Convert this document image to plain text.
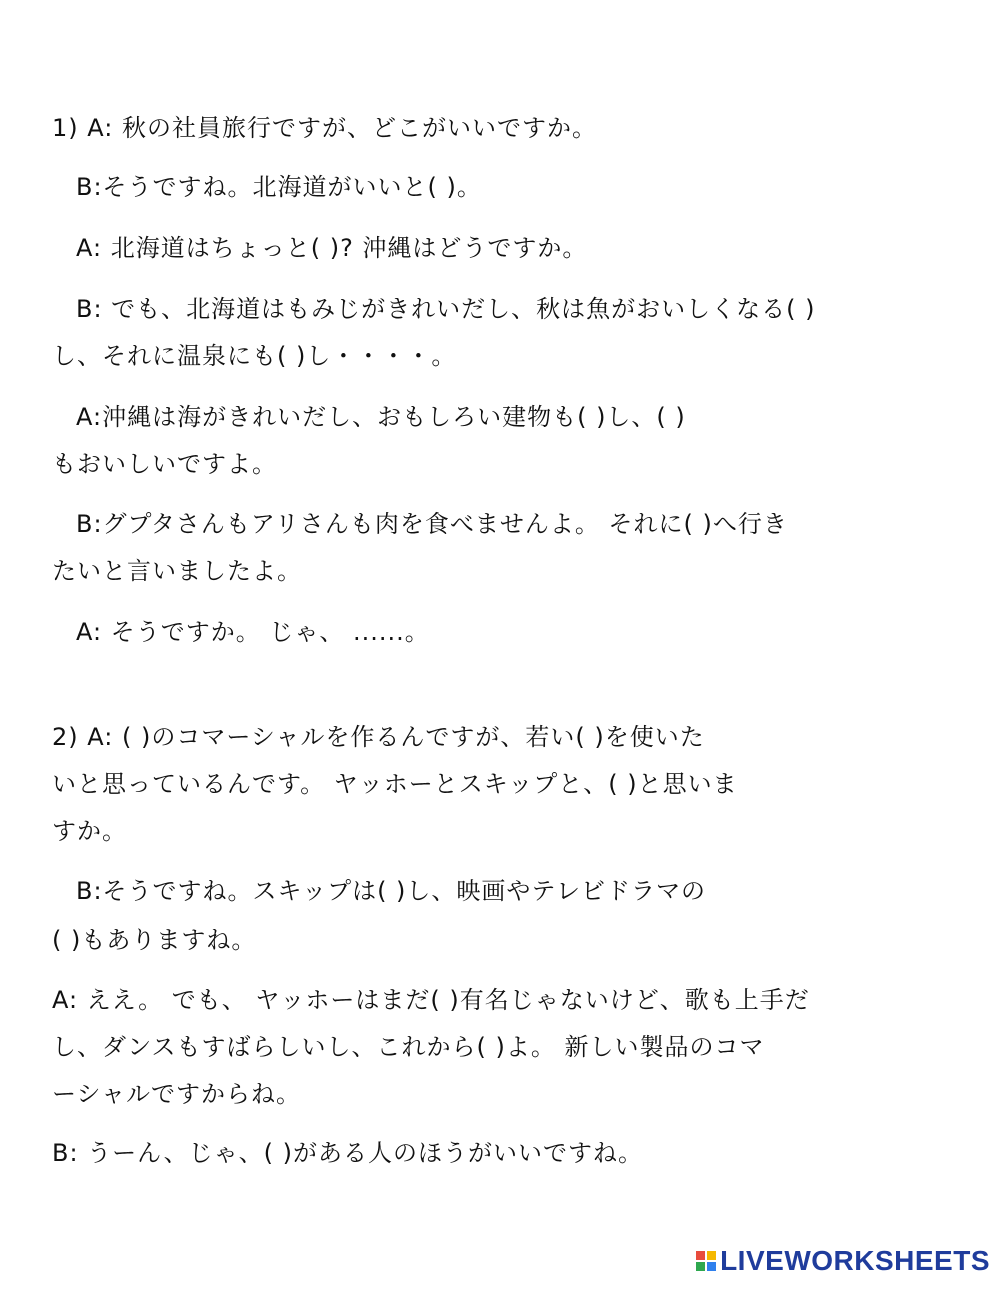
1) A: 秋の社員旅行ですが、どこがいいですか。
B:そうですね。北海道がいいと( )。
A: 北海道はちょっと( )? 沖縄はどうですか。
B: でも、北海道はもみじがきれいだし、秋は魚がおいしくなる( )
し、それに温泉にも( )し・・・・。
A:沖縄は海がきれいだし、おもしろい建物も( )し、( )
もおいしいですよ。
B:グプタさんもアリさんも肉を食べませんよ。 それに( )へ行き
たいと言いましたよ。
A: そうですか。 じゃ、 ......。
2) A: ( )のコマーシャルを作るんですが、若い( )を使いた
いと思っているんです。 ヤッホーとスキップと、( )と思いま
すか。
B:そうですね。スキップは( )し、映画やテレビドラマの
( )もありますね。
A: ええ。 でも、 ヤッホーはまだ( )有名じゃないけど、歌も上手だ
し、ダンスもすばらしいし、これから( )よ。 新しい製品のコマ
ーシャルですからね。
B: うーん、じゃ、( )がある人のほうがいいですね。
LIVEWORKSHEETS
